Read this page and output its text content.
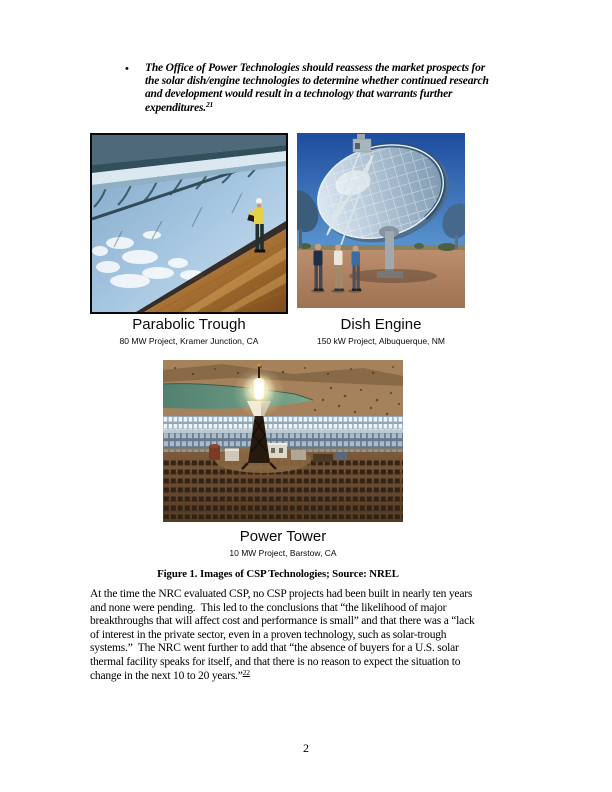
• The Office of Power Technologies should reassess the market prospects for
the solar dish/engine technologies to determine whether continued research
and development would result in a technology that warrants further
expenditures.$^{21}$
Parabolic Trough
80 MW Project, Kramer Junction, CA
Dish Engine
150 kW Project, Albuquerque, NM
Power Tower
10 MW Project, Barstow, CA
Figure 1. Images of CSP Technologies; Source: NREL
At the time the NRC evaluated CSP, no CSP projects had been built in nearly ten years
and none were pending.  This led to the conclusions that “the likelihood of major
breakthroughs that will affect cost and performance is small” and that there was a “lack
of interest in the private sector, even in a proven technology, such as solar-trough
systems.”  The NRC went further to add that “the absence of buyers for a U.S. solar
thermal facility speaks for itself, and that there is no reason to expect the situation to
change in the next 10 to 20 years.”$^{22}$
2
